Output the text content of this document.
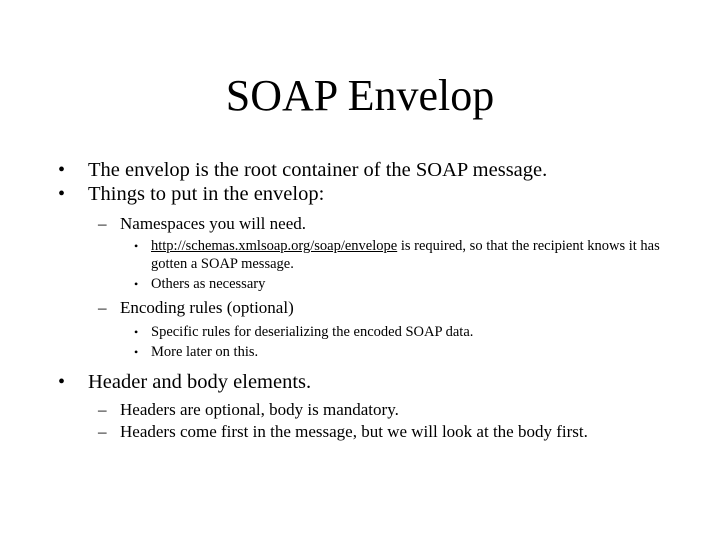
SOAP Envelop
• The envelop is the root container of the SOAP message.
• Things to put in the envelop:
– Namespaces you will need.
• http://schemas.xmlsoap.org/soap/envelope is required, so that the recipient knows it has gotten a SOAP message.
• Others as necessary
– Encoding rules (optional)
• Specific rules for deserializing the encoded SOAP data.
• More later on this.
• Header and body elements.
– Headers are optional, body is mandatory.
– Headers come first in the message, but we will look at the body first.
